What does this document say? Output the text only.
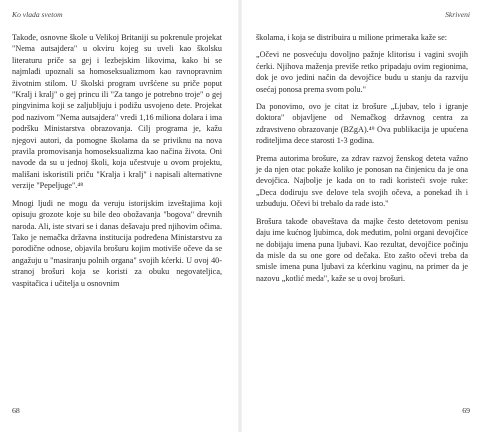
Ko vlada svetom

Takođe, osnovne škole u Velikoj Britaniji su pokrenule projekat "Nema autsajdera" u okviru kojeg su uveli kao školsku literaturu priče sa gej i lezbejskim likovima, kako bi se najmlađi upoznali sa homoseksualizmom kao ravnopravnim životnim stilom. U školski program uvršćene su priče poput "Kralj i kralj" o gej princu ili "Za tango je potrebno troje" o gej pingvinima koji se zaljubljuju i podižu usvojeno dete. Projekat pod nazivom "Nema autsajdera" vredi 1,16 miliona dolara i ima podršku Ministarstva obrazovanja. Cilj programa je, kažu njegovi autori, da pomogne školama da se priviknu na nova pravila promovisanja homoseksualizma kao načina života. Oni navode da su u jednoj školi, koja učestvuje u ovom projektu, mališani iskoristili priču "Kralja i kralj" i napisali alternativne verzije "Pepeljuge".⁴⁸

Mnogi ljudi ne mogu da veruju istorijskim izveštajima koji opisuju grozote koje su bile deo obožavanja "bogova" drevnih naroda. Ali, iste stvari se i danas dešavaju pred njihovim očima. Tako je nemačka državna institucija podređena Ministarstvu za porodične odnose, objavila brošuru kojim motiviše očeve da se angažuju u "masiranju polnih organa" svojih kćerki. U ovoj 40-stranoj brošuri koja se koristi za obuku negovateljica, vaspitačica i učitelja u osnovnim

68
Skriveni

školama, i koja se distribuira u milione primeraka kaže se:

„Očevi ne posvećuju dovoljno pažnje klitorisu i vagini svojih ćerki. Njihova maženja previše retko pripadaju ovim regionima, dok je ovo jedini način da devojčice budu u stanju da razviju osećaj ponosa prema svom polu."

Da ponovimo, ovo je citat iz brošure „Ljubav, telo i igranje doktora" objavljene od Nemačkog državnog centra za zdravstveno obrazovanje (BZgA).⁴⁹ Ova publikacija je upućena roditeljima dece starosti 1-3 godina.

Prema autorima brošure, za zdrav razvoj ženskog deteta važno je da njen otac pokaže koliko je ponosan na činjenicu da je ona devojčica. Najbolje je kada on to radi koristeći svoje ruke: „Deca dodiruju sve delove tela svojih očeva, a ponekad ih i uzbuđuju. Očevi bi trebalo da rade isto."

Brošura takođe obaveštava da majke često detetovom penisu daju ime kućnog ljubimca, dok međutim, polni organi devojčice ne dobijaju imena puna ljubavi. Kao rezultat, devojčice počinju da misle da su one gore od dečaka. Eto zašto očevi treba da smisle imena puna ljubavi za kćerkinu vaginu, na primer da je nazovu „kotlić meda", kaže se u ovoj brošuri.

69
